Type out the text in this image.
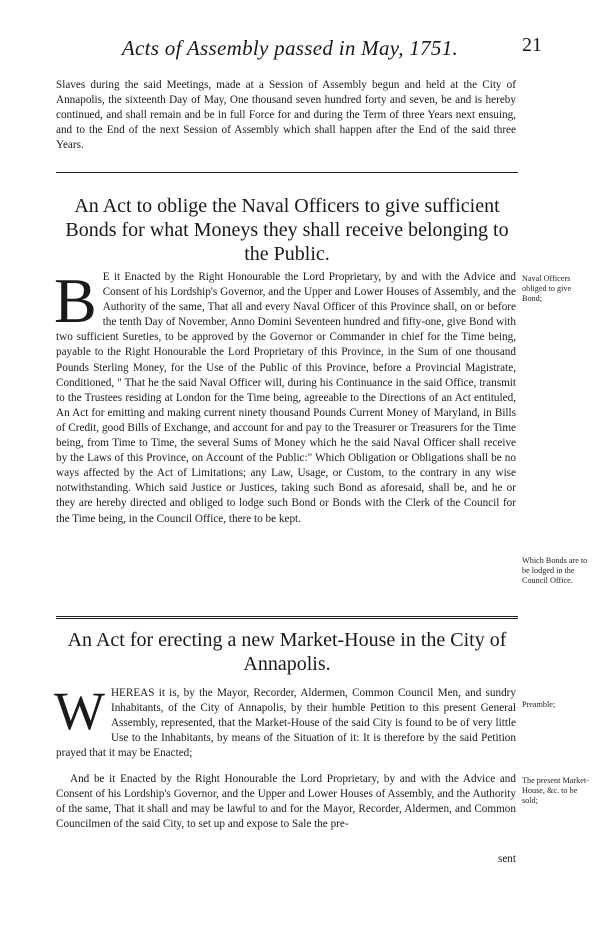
Acts of Assembly passed in May, 1751.	21

Slaves during the said Meetings, made at a Session of Assembly begun and held at the City of Annapolis, the sixteenth Day of May, One thousand seven hundred forty and seven, be and is hereby continued, and shall remain and be in full Force for and during the Term of three Years next ensuing, and to the End of the next Session of Assembly which shall happen after the End of the said three Years.

An Act to oblige the Naval Officers to give sufficient Bonds for what Moneys they shall receive belonging to the Public.

B E it Enacted by the Right Honourable the Lord Proprietary, by and with the Advice and Consent of his Lordship's Governor, and the Upper and Lower Houses of Assembly, and the Authority of the same, That all and every Naval Officer of this Province shall, on or before the tenth Day of November, Anno Domini Seventeen hundred and fifty-one, give Bond with two sufficient Sureties, to be approved by the Governor or Commander in chief for the Time being, payable to the Right Honourable the Lord Proprietary of this Province, in the Sum of one thousand Pounds Sterling Money, for the Use of the Public of this Province, before a Provincial Magistrate, Conditioned, " That he the said Naval Officer will, during his Continuance in the said Office, transmit to the Trustees residing at London for the Time being, agreeable to the Directions of an Act entituled, An Act for emitting and making current ninety thousand Pounds Current Money of Maryland, in Bills of Credit, good Bills of Exchange, and account for and pay to the Treasurer or Treasurers for the Time being, from Time to Time, the several Sums of Money which he the said Naval Officer shall receive by the Laws of this Province, on Account of the Public:" Which Obligation or Obligations shall be no ways affected by the Act of Limitations; any Law, Usage, or Custom, to the contrary in any wise notwithstanding. Which said Justice or Justices, taking such Bond as aforesaid, shall be, and he or they are hereby directed and obliged to lodge such Bond or Bonds with the Clerk of the Council for the Time being, in the Council Office, there to be kept.

Naval Officers obliged to give Bond;
Which Bonds are to be lodged in the Council Office.
An Act for erecting a new Market-House in the City of Annapolis.

W HEREAS it is, by the Mayor, Recorder, Aldermen, Common Council Men, and sundry Inhabitants, of the City of Annapolis, by their humble Petition to this present General Assembly, represented, that the Market-House of the said City is found to be of very little Use to the Inhabitants, by means of the Situation of it: It is therefore by the said Petition prayed that it may be Enacted;

And be it Enacted by the Right Honourable the Lord Proprietary, by and with the Advice and Consent of his Lordship's Governor, and the Upper and Lower Houses of Assembly, and the Authority of the same, That it shall and may be lawful to and for the Mayor, Recorder, Aldermen, and Common Councilmen of the said City, to set up and expose to Sale the pre-

sent
Preamble;
The present Market-House, &c. to be sold;
